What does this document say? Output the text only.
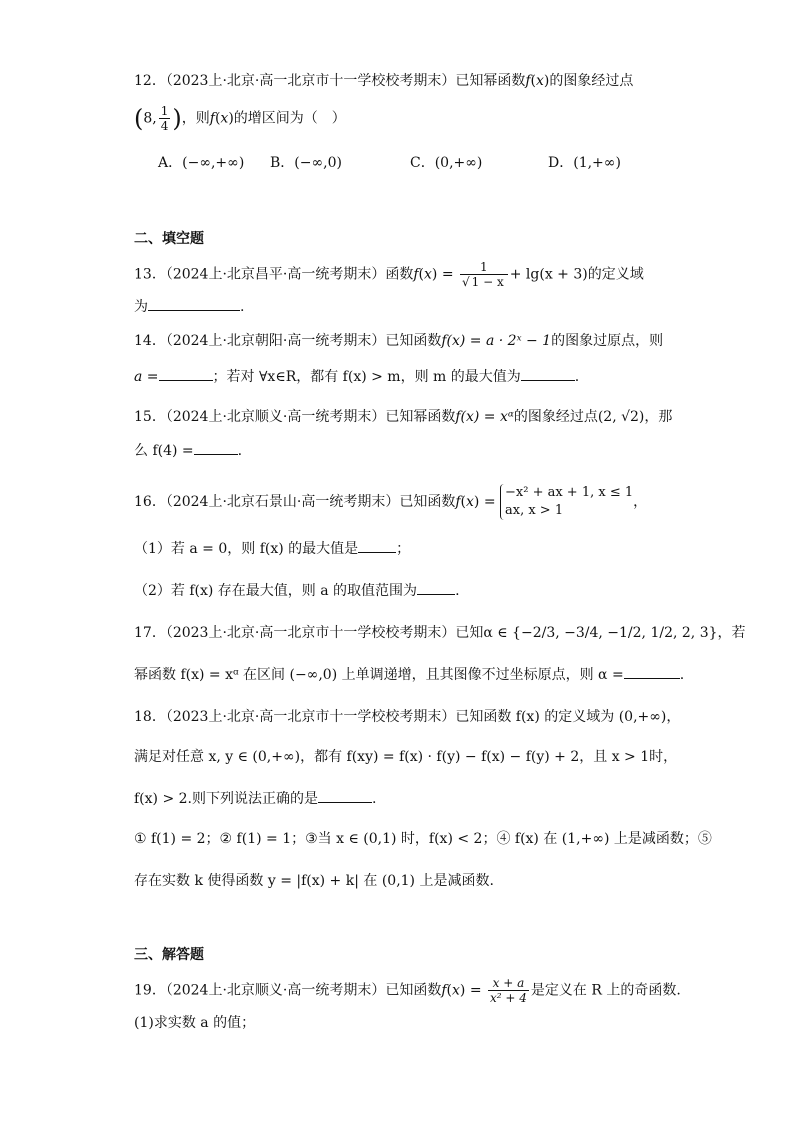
12．（2023上·北京·高一北京市十一学校校考期末）已知幂函数f(x)的图象经过点
(8, $\frac{1}{4}$ )，则f(x)的增区间为（　）
A．(−∞,+∞) B．(−∞,0)	C．(0,+∞)	D．(1,+∞)
二、填空题
13．（2024上·北京昌平·高一统考期末）函数$f(x) = \frac{1}{√ 1 - x} + \lg(x + 3)$的定义域
为	.
14．（2024上·北京朝阳·高一统考期末）已知函数f(x) = a · 2ˣ − 1的图象过原点，则
a =	；若对 ∀x∈R，都有 f(x) > m，则 m 的最大值为	.
15．（2024上·北京顺义·高一统考期末）已知幂函数f(x) = xᵅ的图象经过点(2, √2)，那
么 f(4) =	.
16．（2024上·北京石景山·高一统考期末）已知函数f(x) =
−x² + ax + 1, x ≤ 1
ax, x > 1
，
（1）若 a = 0，则 f(x) 的最大值是	；
（2）若 f(x) 存在最大值，则 a 的取值范围为	.
17．（2023上·北京·高一北京市十一学校校考期末）已知α ∈ {−2/3, −3/4, −1/2, 1/2, 2, 3}，若
幂函数 f(x) = xᵅ 在区间 (−∞,0) 上单调递增，且其图像不过坐标原点，则 α =	.
18．（2023上·北京·高一北京市十一学校校考期末）已知函数 f(x) 的定义域为 (0,+∞)，
满足对任意 x, y ∈ (0,+∞)，都有 f(xy) = f(x) · f(y) − f(x) − f(y) + 2，且 x > 1时，
f(x) > 2.则下列说法正确的是	.
① f(1) = 2；② f(1) = 1；③当 x ∈ (0,1) 时，f(x) < 2；④ f(x) 在 (1,+∞) 上是减函数；⑤
存在实数 k 使得函数 y = |f(x) + k| 在 (0,1) 上是减函数.
三、解答题
19．（2024上·北京顺义·高一统考期末）已知函数$f(x) = \frac{x + a}{\text{x² + 4}}$ 是定义在 R 上的奇函数.
(1)求实数 a 的值；
